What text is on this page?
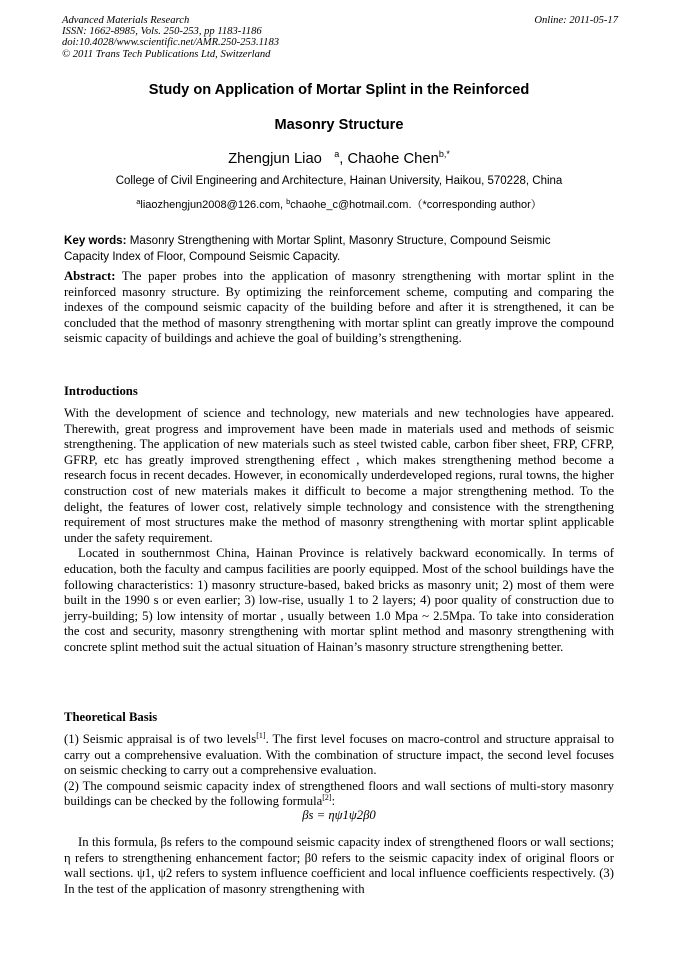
Advanced Materials Research
ISSN: 1662-8985, Vols. 250-253, pp 1183-1186
doi:10.4028/www.scientific.net/AMR.250-253.1183
© 2011 Trans Tech Publications Ltd, Switzerland
Online: 2011-05-17
Study on Application of Mortar Splint in the Reinforced
Masonry Structure
Zhengjun Liao $^a$, Chaohe Chen$^{b,*}$
College of Civil Engineering and Architecture, Hainan University, Haikou, 570228, China
$^a$liaozhengjun2008@126.com, $^b$chaohe_c@hotmail.com.（*corresponding author）
Key words: Masonry Strengthening with Mortar Splint, Masonry Structure, Compound Seismic Capacity Index of Floor, Compound Seismic Capacity.
Abstract: The paper probes into the application of masonry strengthening with mortar splint in the reinforced masonry structure. By optimizing the reinforcement scheme, computing and comparing the indexes of the compound seismic capacity of the building before and after it is strengthened, it can be concluded that the method of masonry strengthening with mortar splint can greatly improve the compound seismic capacity of buildings and achieve the goal of building’s strengthening.
Introductions
With the development of science and technology, new materials and new technologies have appeared. Therewith, great progress and improvement have been made in materials used and methods of seismic strengthening. The application of new materials such as steel twisted cable, carbon fiber sheet, FRP, CFRP, GFRP, etc has greatly improved strengthening effect , which makes strengthening method become a research focus in recent decades. However, in economically underdeveloped regions, rural towns, the higher construction cost of new materials makes it difficult to become a major strengthening method. To the delight, the features of lower cost, relatively simple technology and consistence with the strengthening requirement of most structures make the method of masonry strengthening with mortar splint applicable under the safety requirement.
Located in southernmost China, Hainan Province is relatively backward economically. In terms of education, both the faculty and campus facilities are poorly equipped. Most of the school buildings have the following characteristics: 1) masonry structure-based, baked bricks as masonry unit; 2) most of them were built in the 1990 s or even earlier; 3) low-rise, usually 1 to 2 layers; 4) poor quality of construction due to jerry-building; 5) low intensity of mortar , usually between 1.0 Mpa ~ 2.5Mpa. To take into consideration the cost and security, masonry strengthening with mortar splint method and masonry strengthening with concrete splint method suit the actual situation of Hainan’s masonry structure strengthening better.
Theoretical Basis
(1) Seismic appraisal is of two levels[1]. The first level focuses on macro-control and structure appraisal to carry out a comprehensive evaluation. With the combination of structure impact, the second level focuses on seismic checking to carry out a comprehensive evaluation.
(2) The compound seismic capacity index of strengthened floors and wall sections of multi-story masonry buildings can be checked by the following formula[2]:
βs = ηψ1ψ2β0
In this formula, βs refers to the compound seismic capacity index of strengthened floors or wall sections; η refers to strengthening enhancement factor; β0 refers to the seismic capacity index of original floors or wall sections. ψ1, ψ2 refers to system influence coefficient and local influence coefficients respectively. (3) In the test of the application of masonry strengthening with
